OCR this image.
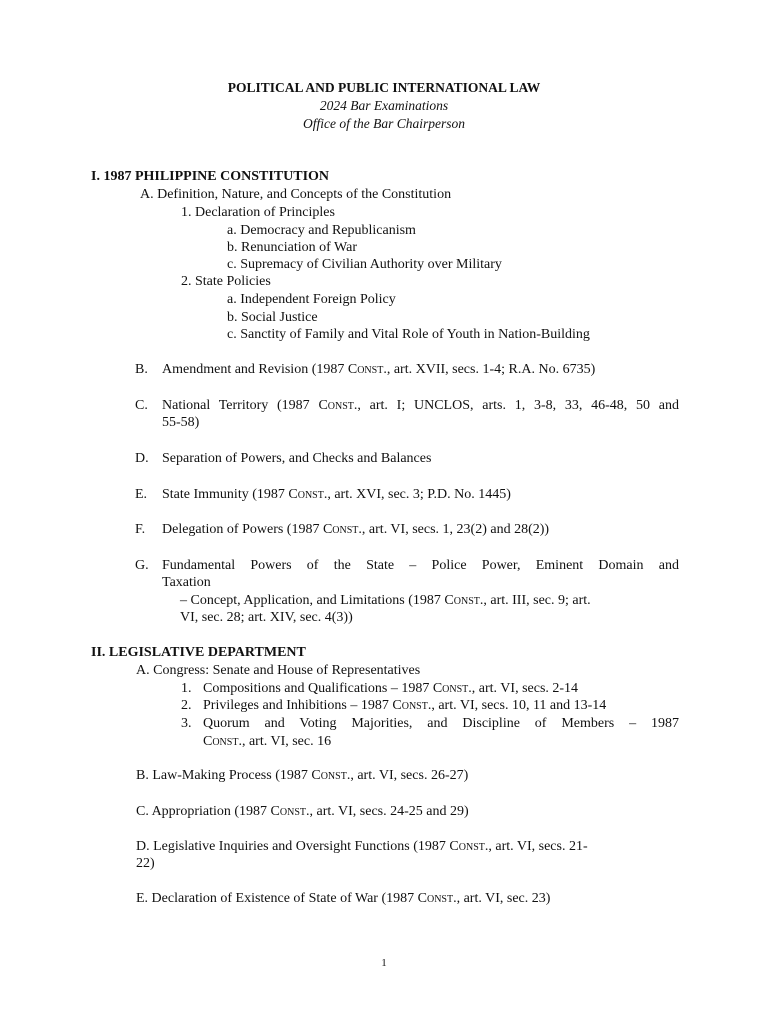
POLITICAL AND PUBLIC INTERNATIONAL LAW
2024 Bar Examinations
Office of the Bar Chairperson
I. 1987 PHILIPPINE CONSTITUTION
A. Definition, Nature, and Concepts of the Constitution
1. Declaration of Principles
a. Democracy and Republicanism
b. Renunciation of War
c. Supremacy of Civilian Authority over Military
2. State Policies
a. Independent Foreign Policy
b. Social Justice
c. Sanctity of Family and Vital Role of Youth in Nation-Building
B. Amendment and Revision (1987 Const., art. XVII, secs. 1-4; R.A. No. 6735)
C. National Territory (1987 Const., art. I; UNCLOS, arts. 1, 3-8, 33, 46-48, 50 and
55-58)
D. Separation of Powers, and Checks and Balances
E. State Immunity (1987 Const., art. XVI, sec. 3; P.D. No. 1445)
F. Delegation of Powers (1987 Const., art. VI, secs. 1, 23(2) and 28(2))
G. Fundamental Powers of the State – Police Power, Eminent Domain and
Taxation
– Concept, Application, and Limitations (1987 Const., art. III, sec. 9; art.
VI, sec. 28; art. XIV, sec. 4(3))
II. LEGISLATIVE DEPARTMENT
A. Congress: Senate and House of Representatives
1. Compositions and Qualifications – 1987 Const., art. VI, secs. 2-14
2. Privileges and Inhibitions – 1987 Const., art. VI, secs. 10, 11 and 13-14
3. Quorum and Voting Majorities, and Discipline of Members – 1987
Const., art. VI, sec. 16
B. Law-Making Process (1987 Const., art. VI, secs. 26-27)
C. Appropriation (1987 Const., art. VI, secs. 24-25 and 29)
D. Legislative Inquiries and Oversight Functions (1987 Const., art. VI, secs. 21-
22)
E. Declaration of Existence of State of War (1987 Const., art. VI, sec. 23)
1
